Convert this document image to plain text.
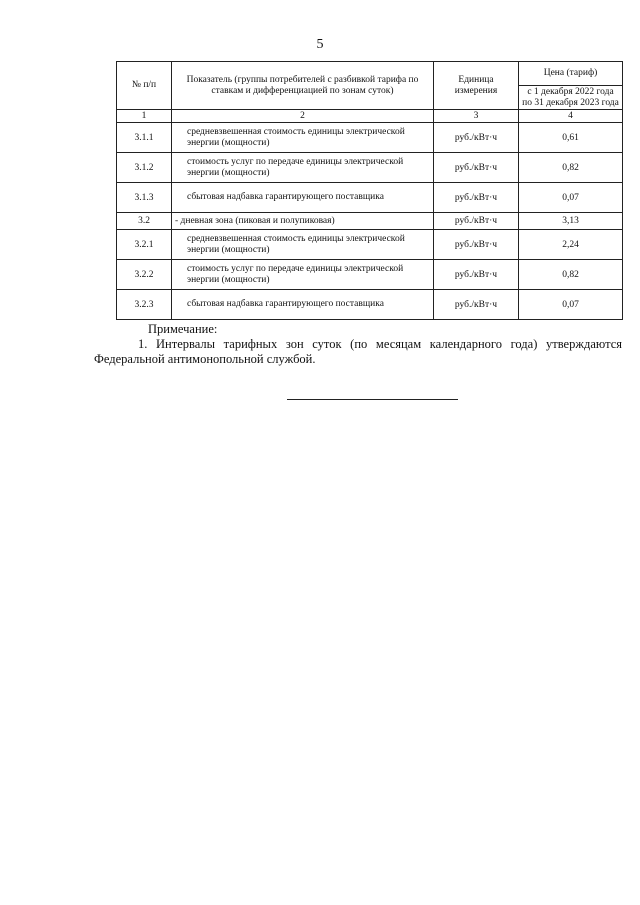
5
№ п/п	Показатель (группы потребителей с разбивкой тарифа по ставкам и дифференциацией по зонам суток)	Единица измерения	Цена (тариф)
			с 1 декабря 2022 года по 31 декабря 2023 года
1	2	3	4
3.1.1	средневзвешенная стоимость единицы электрической энергии (мощности)	руб./кВт·ч	0,61
3.1.2	стоимость услуг по передаче единицы электрической энергии (мощности)	руб./кВт·ч	0,82
3.1.3	сбытовая надбавка гарантирующего поставщика	руб./кВт·ч	0,07
3.2	- дневная зона (пиковая и полупиковая)	руб./кВт·ч	3,13
3.2.1	средневзвешенная стоимость единицы электрической энергии (мощности)	руб./кВт·ч	2,24
3.2.2	стоимость услуг по передаче единицы электрической энергии (мощности)	руб./кВт·ч	0,82
3.2.3	сбытовая надбавка гарантирующего поставщика	руб./кВт·ч	0,07
Примечание:
1. Интервалы тарифных зон суток (по месяцам календарного года) утверждаются
Федеральной антимонопольной службой.
